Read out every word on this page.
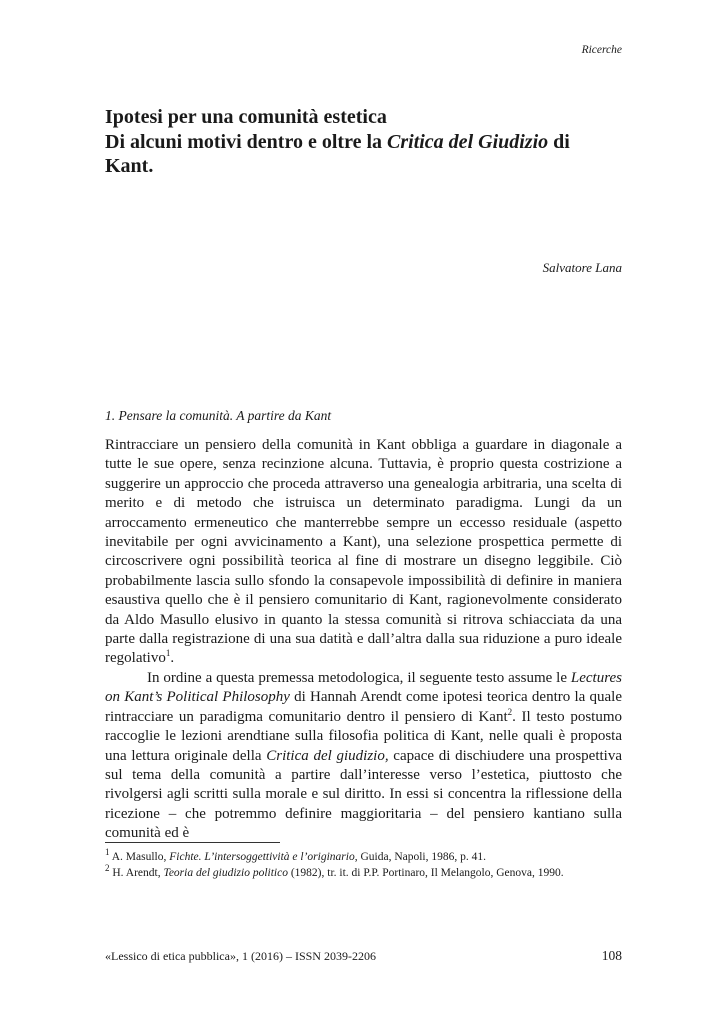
Ricerche
Ipotesi per una comunità estetica
Di alcuni motivi dentro e oltre la Critica del Giudizio di
Kant.
Salvatore Lana
1. Pensare la comunità. A partire da Kant

Rintracciare un pensiero della comunità in Kant obbliga a guardare in diagonale a tutte le sue opere, senza recinzione alcuna. Tuttavia, è proprio questa costrizione a suggerire un approccio che proceda attraverso una genealogia arbitraria, una scelta di merito e di metodo che istruisca un determinato paradigma. Lungi da un arroccamento ermeneutico che manterrebbe sempre un eccesso residuale (aspetto inevitabile per ogni avvicinamento a Kant), una selezione prospettica permette di circoscrivere ogni possibilità teorica al fine di mostrare un disegno leggibile. Ciò probabilmente lascia sullo sfondo la consapevole impossibilità di definire in maniera esaustiva quello che è il pensiero comunitario di Kant, ragionevolmente considerato da Aldo Masullo elusivo in quanto la stessa comunità si ritrova schiacciata da una parte dalla registrazione di una sua datità e dall’altra dalla sua riduzione a puro ideale regolativo$^1$.

In ordine a questa premessa metodologica, il seguente testo assume le Lectures on Kant’s Political Philosophy di Hannah Arendt come ipotesi teorica dentro la quale rintracciare un paradigma comunitario dentro il pensiero di Kant$^2$. Il testo postumo raccoglie le lezioni arendtiane sulla filosofia politica di Kant, nelle quali è proposta una lettura originale della Critica del giudizio, capace di dischiudere una prospettiva sul tema della comunità a partire dall’interesse verso l’estetica, piuttosto che rivolgersi agli scritti sulla morale e sul diritto. In essi si concentra la riflessione della ricezione – che potremmo definire maggioritaria – del pensiero kantiano sulla comunità ed è

$^1$ A. Masullo, Fichte. L’intersoggettività e l’originario, Guida, Napoli, 1986, p. 41.
$^2$ H. Arendt, Teoria del giudizio politico (1982), tr. it. di P.P. Portinaro, Il Melangolo, Genova, 1990.
«Lessico di etica pubblica», 1 (2016) – ISSN 2039-2206	108
